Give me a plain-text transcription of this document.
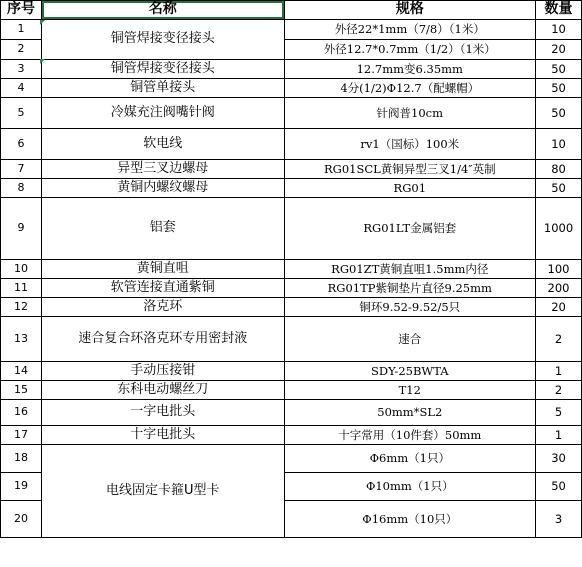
序号	名称	规格	数量
1	铜管焊接变径接头	外径22*1mm（7/8）（1米）	10
2		外径12.7*0.7mm（1/2）（1米）	20
3	铜管焊接变径接头	12.7mm变6.35mm	50
4	铜管单接头	4分(1/2)Φ12.7（配螺帽）	50
5	冷媒充注阀嘴针阀	针阀普10cm	50
6	软电线	rv1（国标）100米	10
7	异型三叉边螺母	RG01SCL黄铜异型三叉1/4″英制	80
8	黄铜内螺纹螺母	RG01	50
9	铝套	RG01LT金属铝套	1000
10	黄铜直咀	RG01ZT黄铜直咀1.5mm内径	100
11	软管连接直通紫铜	RG01TP紫铜垫片直径9.25mm	200
12	洛克环	铜环9.52-9.52/5只	20
13	速合复合环洛克环专用密封液	速合	2
14	手动压接钳	SDY-25BWTA	1
15	东科电动螺丝刀	T12	2
16	一字电批头	50mm*SL2	5
17	十字电批头	十字常用（10件套）50mm	1
18	电线固定卡箍U型卡	Φ6mm（1只）	30
19		Φ10mm（1只）	50
20		Φ16mm（10只）	3
